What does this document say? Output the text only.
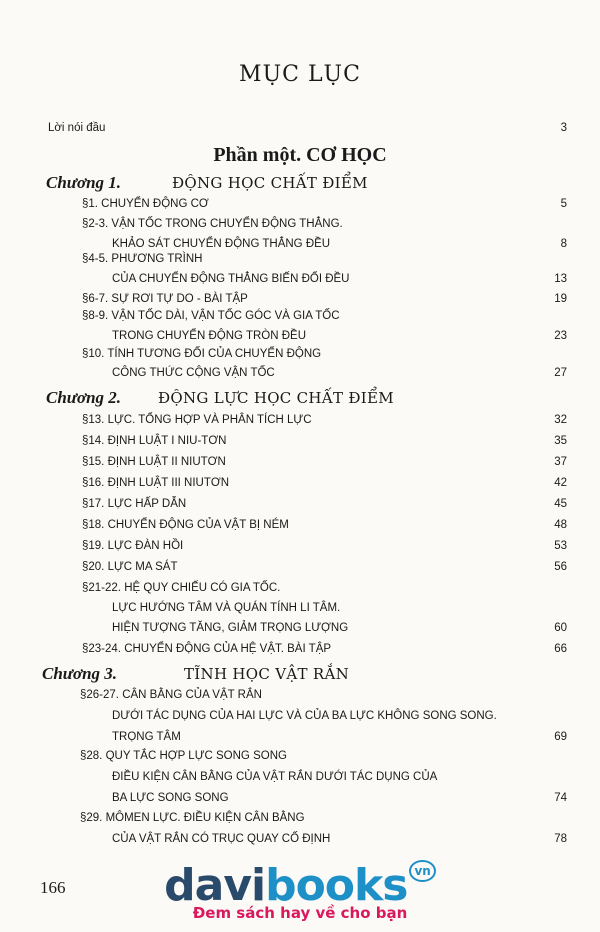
MỤC LỤC
Lời nói đầu	3
Phần một. CƠ HỌC
Chương 1.	ĐỘNG HỌC CHẤT ĐIỂM
§1. CHUYỂN ĐỘNG CƠ	5
§2-3. VẬN TỐC TRONG CHUYỂN ĐỘNG THẲNG.
KHẢO SÁT CHUYỂN ĐỘNG THẲNG ĐỀU	8
§4-5. PHƯƠNG TRÌNH
CỦA CHUYỂN ĐỘNG THẲNG BIẾN ĐỔI ĐỀU	13
§6-7. SỰ RƠI TỰ DO - BÀI TẬP	19
§8-9. VẬN TỐC DÀI, VẬN TỐC GÓC VÀ GIA TỐC
TRONG CHUYỂN ĐỘNG TRÒN ĐỀU	23
§10. TÍNH TƯƠNG ĐỐI CỦA CHUYỂN ĐỘNG
CÔNG THỨC CỘNG VẬN TỐC	27
Chương 2. ĐỘNG LỰC HỌC CHẤT ĐIỂM
§13. LỰC. TỔNG HỢP VÀ PHÂN TÍCH LỰC	32
§14. ĐỊNH LUẬT I NIU-TƠN	35
§15. ĐỊNH LUẬT II NIUTƠN	37
§16. ĐỊNH LUẬT III NIUTƠN	42
§17. LỰC HẤP DẪN	45
§18. CHUYỂN ĐỘNG CỦA VẬT BỊ NÉM	48
§19. LỰC ĐÀN HỒI	53
§20. LỰC MA SÁT	56
§21-22. HỆ QUY CHIẾU CÓ GIA TỐC.
LỰC HƯỚNG TÂM VÀ QUÁN TÍNH LI TÂM.
HIỆN TƯỢNG TĂNG, GIẢM TRỌNG LƯỢNG	60
§23-24. CHUYỂN ĐỘNG CỦA HỆ VẬT. BÀI TẬP	66
Chương 3.	TĨNH HỌC VẬT RẮN
§26-27. CÂN BẰNG CỦA VẬT RẮN
DƯỚI TÁC DỤNG CỦA HAI LỰC VÀ CỦA BA LỰC KHÔNG SONG SONG.
TRỌNG TÂM	69
§28. QUY TẮC HỢP LỰC SONG SONG
ĐIỀU KIỆN CÂN BẰNG CỦA VẬT RẮN DƯỚI TÁC DỤNG CỦA
BA LỰC SONG SONG	74
§29. MÔMEN LỰC. ĐIỀU KIỆN CÂN BẰNG
CỦA VẬT RẮN CÓ TRỤC QUAY CỐ ĐỊNH	78
166	davibooks vn
Đem sách hay về cho bạn
